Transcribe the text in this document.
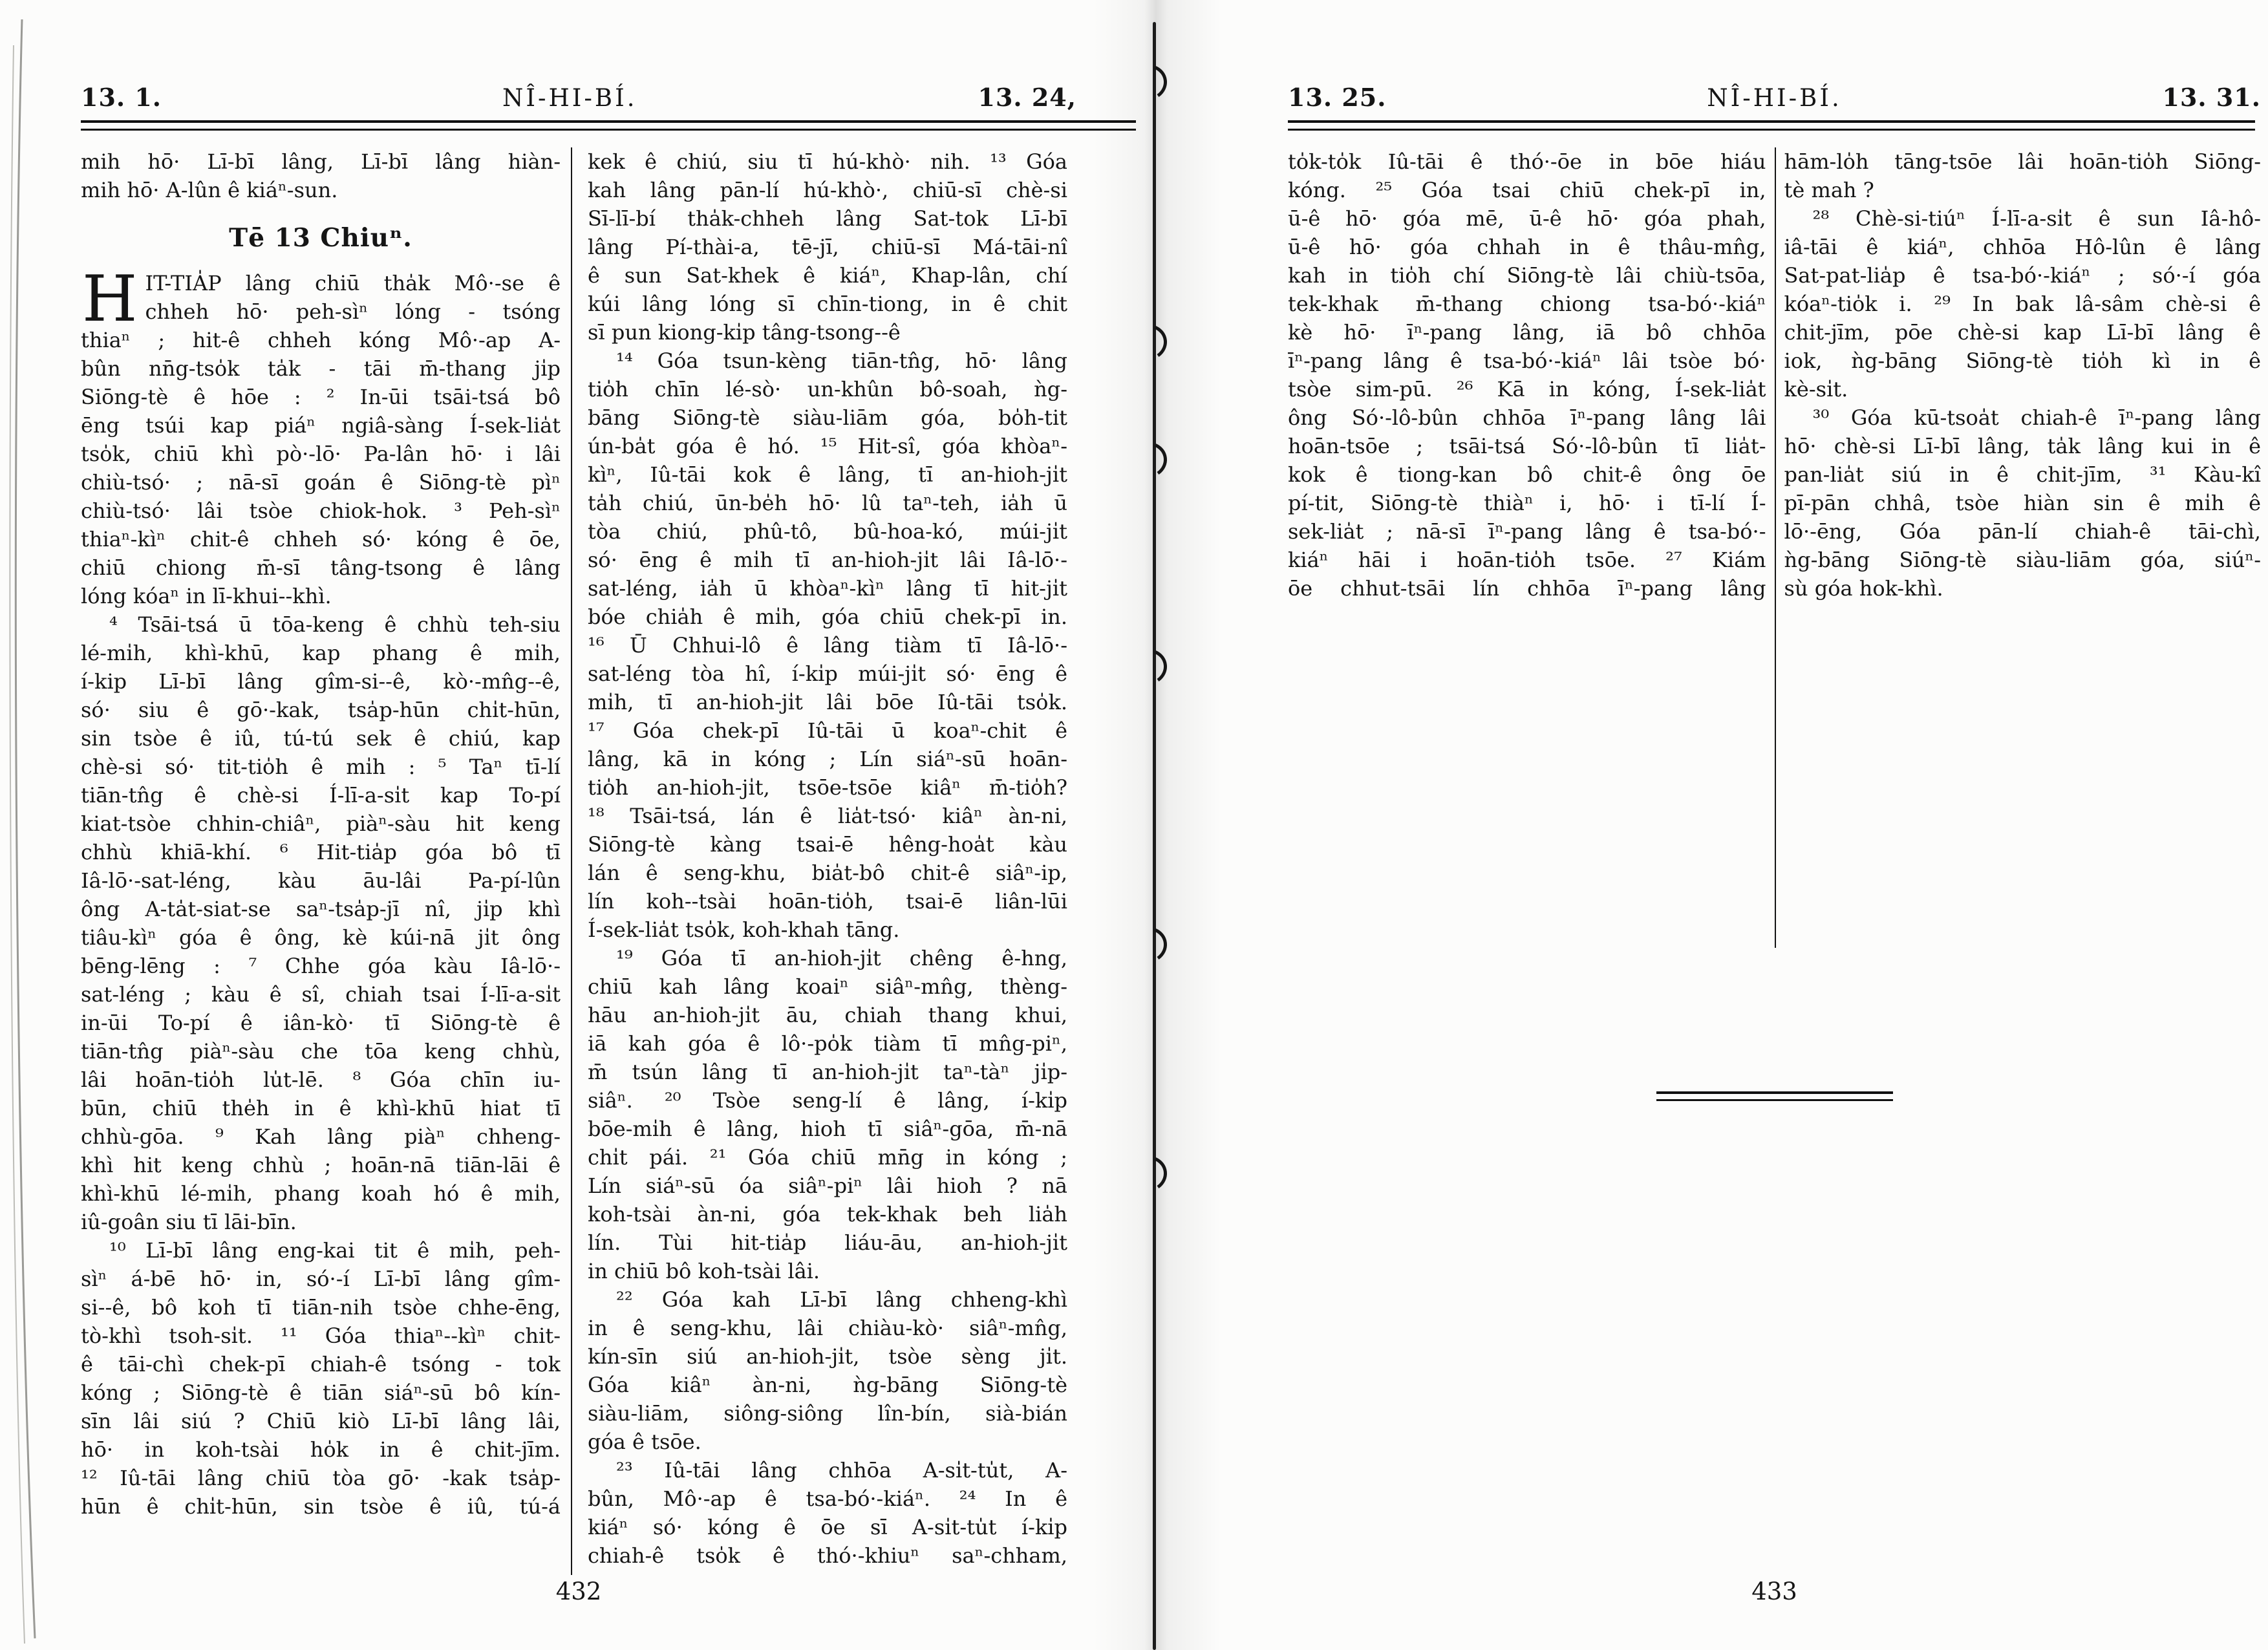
13. 1.	NÎ-HI-BÍ.	13. 24,
mih hō· Lī-bī lâng, Lī-bī lâng hiàn-
mih hō· A-lûn ê kiáⁿ-sun.
Tē 13 Chiuⁿ.
H IT-TIA̍P lâng chiū tha̍k Mô·-se ê
chheh hō· peh-sìⁿ lóng - tsóng
thiaⁿ ; hit-ê chheh kóng Mô·-ap A-
bûn nn̄g-tso̍k ta̍k - tāi m̄-thang ji̍p
Siōng-tè ê hōe : ² In-ūi tsāi-tsá bô
ēng tsúi kap piáⁿ ngiâ-sàng Í-sek-lia̍t
tso̍k, chiū khì pò·-lō· Pa-lân hō· i lâi
chiù-tsó· ; nā-sī goán ê Siōng-tè pìⁿ
chiù-tsó· lâi tsòe chiok-hok. ³ Peh-sìⁿ
thiaⁿ-kìⁿ chit-ê chheh só· kóng ê ōe,
chiū chiong m̄-sī tâng-tsong ê lâng
lóng kóaⁿ in lī-khui--khì.
⁴ Tsāi-tsá ū tōa-keng ê chhù teh-siu
lé-mi̍h, khì-khū, kap phang ê mi̍h,
í-kip Lī-bī lâng gîm-si--ê, kò·-mn̂g--ê,
só· siu ê gō·-kak, tsa̍p-hūn chi̍t-hūn,
sin tsòe ê iû, tú-tú sek ê chiú, kap
chè-si só· tit-tio̍h ê mi̍h : ⁵ Taⁿ tī-lí
tiān-tn̂g ê chè-si Í-lī-a-si̍t kap To-pí
kiat-tsòe chhin-chiâⁿ, piàⁿ-sàu hit keng
chhù khiā-khí. ⁶ Hit-tia̍p góa bô tī
Iâ-lō·-sat-léng, kàu āu-lâi Pa-pí-lûn
ông A-ta̍t-siat-se saⁿ-tsa̍p-jī nî, ji̍p khì
tiâu-kìⁿ góa ê ông, kè kúi-nā ji̍t ông
bēng-lēng : ⁷ Chhe góa kàu Iâ-lō·-
sat-léng ; kàu ê sî, chiah tsai Í-lī-a-si̍t
in-ūi To-pí ê iân-kò· tī Siōng-tè ê
tiān-tn̂g piàⁿ-sàu che tōa keng chhù,
lâi hoān-tio̍h lu̍t-lē. ⁸ Góa chīn iu-
būn, chiū the̍h in ê khì-khū hiat tī
chhù-gōa. ⁹ Kah lâng piàⁿ chheng-
khì hit keng chhù ; hoān-nā tiān-lāi ê
khì-khū lé-mi̍h, phang koah hó ê mi̍h,
iû-goân siu tī lāi-bīn.
¹⁰ Lī-bī lâng eng-kai tit ê mi̍h, peh-
sìⁿ á-bē hō· in, só·-í Lī-bī lâng gîm-
si--ê, bô koh tī tiān-nih tsòe chhe-ēng,
tò-khì tsoh-si̍t. ¹¹ Góa thiaⁿ--kìⁿ chit-
ê tāi-chì chek-pī chiah-ê tsóng - tok
kóng ; Siōng-tè ê tiān siáⁿ-sū bô kín-
sīn lâi siú ? Chiū kiò Lī-bī lâng lâi,
hō· in koh-tsài ho̍k in ê chit-jīm.
¹² Iû-tāi lâng chiū tòa gō· -kak tsa̍p-
hūn ê chi̍t-hūn, sin tsòe ê iû, tú-á
kek ê chiú, siu tī hú-khò· nih. ¹³ Góa
kah lâng pān-lí hú-khò·, chiū-sī chè-si
Sī-lī-bí tha̍k-chheh lâng Sat-tok Lī-bī
lâng Pí-thài-a, tē-jī, chiū-sī Má-tāi-nî
ê sun Sat-khek ê kiáⁿ, Khap-lân, chí
kúi lâng lóng sī chīn-tiong, in ê chit
sī pun kiong-ki̍p tâng-tsong--ê
¹⁴ Góa tsun-kèng tiān-tn̂g, hō· lâng
tio̍h chīn lé-sò· un-khûn bô-soah, ǹg-
bāng Siōng-tè siàu-liām góa, bo̍h-tit
ún-ba̍t góa ê hó. ¹⁵ Hit-sî, góa khòaⁿ-
kìⁿ, Iû-tāi kok ê lâng, tī an-hioh-ji̍t
ta̍h chiú, ūn-be̍h hō· lû taⁿ-teh, ia̍h ū
tòa chiú, phû-tô, bû-hoa-kó, múi-ji̍t
só· ēng ê mi̍h tī an-hioh-ji̍t lâi Iâ-lō·-
sat-léng, ia̍h ū khòaⁿ-kìⁿ lâng tī hit-ji̍t
bóe chia̍h ê mi̍h, góa chiū chek-pī in.
¹⁶ Ū Chhui-lô ê lâng tiàm tī Iâ-lō·-
sat-léng tòa hî, í-ki̍p múi-ji̍t só· ēng ê
mi̍h, tī an-hioh-ji̍t lâi bōe Iû-tāi tso̍k.
¹⁷ Góa chek-pī Iû-tāi ū koaⁿ-chit ê
lâng, kā in kóng ; Lín siáⁿ-sū hoān-
tio̍h an-hioh-ji̍t, tsōe-tsōe kiâⁿ m̄-tio̍h?
¹⁸ Tsāi-tsá, lán ê lia̍t-tsó· kiâⁿ àn-ni,
Siōng-tè kàng tsai-ē hêng-hoa̍t kàu
lán ê seng-khu, bia̍t-bô chit-ê siâⁿ-ip,
lín koh--tsài hoān-tio̍h, tsai-ē liân-lūi
Í-sek-lia̍t tso̍k, koh-khah tāng.
¹⁹ Góa tī an-hioh-ji̍t chêng ê-hng,
chiū kah lâng koaiⁿ siâⁿ-mn̂g, thèng-
hāu an-hioh-ji̍t āu, chiah thang khui,
iā kah góa ê lô·-po̍k tiàm tī mn̂g-piⁿ,
m̄ tsún lâng tī an-hioh-ji̍t taⁿ-tàⁿ ji̍p-
siâⁿ. ²⁰ Tsòe seng-lí ê lâng, í-ki̍p
bōe-mi̍h ê lâng, hioh tī siâⁿ-gōa, m̄-nā
chi̍t pái. ²¹ Góa chiū mn̄g in kóng ;
Lín siáⁿ-sū óa siâⁿ-piⁿ lâi hioh ? nā
koh-tsài àn-ni, góa tek-khak beh lia̍h
lín. Tùi hit-tia̍p liáu-āu, an-hioh-ji̍t
in chiū bô koh-tsài lâi.
²² Góa kah Lī-bī lâng chheng-khì
in ê seng-khu, lâi chiàu-kò· siâⁿ-mn̂g,
kín-sīn siú an-hioh-ji̍t, tsòe sèng ji̍t.
Góa kiâⁿ àn-ni, ǹg-bāng Siōng-tè
siàu-liām, siông-siông lîn-bín, sià-bián
góa ê tsōe.
²³ Iû-tāi lâng chhōa A-si̍t-tu̍t, A-
bûn, Mô·-ap ê tsa-bó·-kiáⁿ. ²⁴ In ê
kiáⁿ só· kóng ê ōe sī A-si̍t-tu̍t í-ki̍p
chiah-ê tso̍k ê thó·-khiuⁿ saⁿ-chham,
432
13. 25.	NÎ-HI-BÍ.	13. 31.
to̍k-to̍k Iû-tāi ê thó·-ōe in bōe hiáu
kóng. ²⁵ Góa tsai chiū chek-pī in,
ū-ê hō· góa mē, ū-ê hō· góa phah,
ū-ê hō· góa chhah in ê thâu-mn̂g,
kah in tio̍h chí Siōng-tè lâi chiù-tsōa,
tek-khak m̄-thang chiong tsa-bó·-kiáⁿ
kè hō· īⁿ-pang lâng, iā bô chhōa
īⁿ-pang lâng ê tsa-bó·-kiáⁿ lâi tsòe bó·
tsòe sim-pū. ²⁶ Kā in kóng, Í-sek-lia̍t
ông Só·-lô-bûn chhōa īⁿ-pang lâng lâi
hoān-tsōe ; tsāi-tsá Só·-lô-bûn tī lia̍t-
kok ê tiong-kan bô chit-ê ông ōe
pí-tit, Siōng-tè thiàⁿ i, hō· i tī-lí Í-
sek-lia̍t ; nā-sī īⁿ-pang lâng ê tsa-bó·-
kiáⁿ hāi i hoān-tio̍h tsōe. ²⁷ Kiám
ōe chhut-tsāi lín chhōa īⁿ-pang lâng
hām-lo̍h tāng-tsōe lâi hoān-tio̍h Siōng-
tè mah ?
²⁸ Chè-si-tiúⁿ Í-lī-a-si̍t ê sun Iâ-hô-
iâ-tāi ê kiáⁿ, chhōa Hô-lûn ê lâng
Sat-pat-lia̍p ê tsa-bó·-kiáⁿ ; só·-í góa
kóaⁿ-tio̍k i. ²⁹ In bak lâ-sâm chè-si ê
chit-jīm, pōe chè-si kap Lī-bī lâng ê
iok, ǹg-bāng Siōng-tè tio̍h kì in ê
kè-si̍t.
³⁰ Góa kū-tsoa̍t chiah-ê īⁿ-pang lâng
hō· chè-si Lī-bī lâng, ta̍k lâng kui in ê
pan-lia̍t siú in ê chit-jīm, ³¹ Kàu-kî
pī-pān chhâ, tsòe hiàn sin ê mi̍h ê
lō·-ēng, Góa pān-lí chiah-ê tāi-chì,
ǹg-bāng Siōng-tè siàu-liām góa, siúⁿ-
sù góa hok-khì.
433
